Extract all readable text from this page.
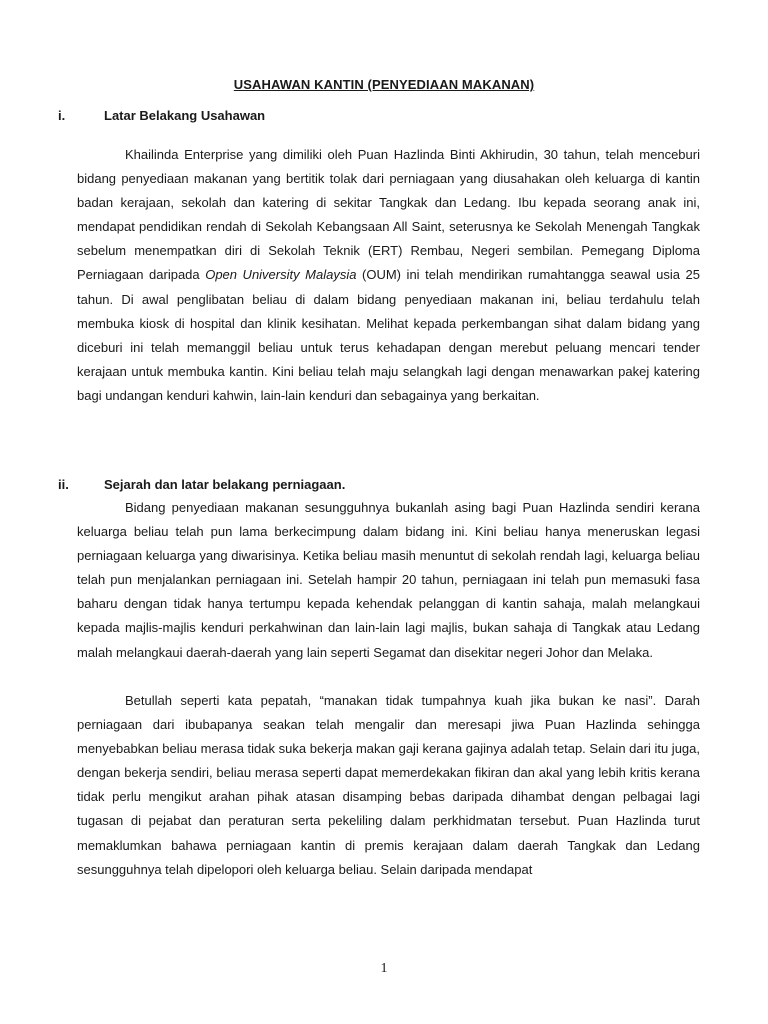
USAHAWAN KANTIN (PENYEDIAAN MAKANAN)
i.	Latar Belakang Usahawan

Khailinda Enterprise yang dimiliki oleh Puan Hazlinda Binti Akhirudin, 30 tahun, telah menceburi bidang penyediaan makanan yang bertitik tolak dari perniagaan yang diusahakan oleh keluarga di kantin badan kerajaan, sekolah dan katering di sekitar Tangkak dan Ledang. Ibu kepada seorang anak ini, mendapat pendidikan rendah di Sekolah Kebangsaan All Saint, seterusnya ke Sekolah Menengah Tangkak sebelum menempatkan diri di Sekolah Teknik (ERT) Rembau, Negeri sembilan. Pemegang Diploma Perniagaan daripada Open University Malaysia (OUM) ini telah mendirikan rumahtangga seawal usia 25 tahun. Di awal penglibatan beliau di dalam bidang penyediaan makanan ini, beliau terdahulu telah membuka kiosk di hospital dan klinik kesihatan. Melihat kepada perkembangan sihat dalam bidang yang diceburi ini telah memanggil beliau untuk terus kehadapan dengan merebut peluang mencari tender kerajaan untuk membuka kantin. Kini beliau telah maju selangkah lagi dengan menawarkan pakej katering bagi undangan kenduri kahwin, lain-lain kenduri dan sebagainya yang berkaitan.

ii.	Sejarah dan latar belakang perniagaan.

Bidang penyediaan makanan sesungguhnya bukanlah asing bagi Puan Hazlinda sendiri kerana keluarga beliau telah pun lama berkecimpung dalam bidang ini. Kini beliau hanya meneruskan legasi perniagaan keluarga yang diwarisinya. Ketika beliau masih menuntut di sekolah rendah lagi, keluarga beliau telah pun menjalankan perniagaan ini. Setelah hampir 20 tahun, perniagaan ini telah pun memasuki fasa baharu dengan tidak hanya tertumpu kepada kehendak pelanggan di kantin sahaja, malah melangkaui kepada majlis-majlis kenduri perkahwinan dan lain-lain lagi majlis, bukan sahaja di Tangkak atau Ledang malah melangkaui daerah-daerah yang lain seperti Segamat dan disekitar negeri Johor dan Melaka.

Betullah seperti kata pepatah, “manakan tidak tumpahnya kuah jika bukan ke nasi”. Darah perniagaan dari ibubapanya seakan telah mengalir dan meresapi jiwa Puan Hazlinda sehingga menyebabkan beliau merasa tidak suka bekerja makan gaji kerana gajinya adalah tetap. Selain dari itu juga, dengan bekerja sendiri, beliau merasa seperti dapat memerdekakan fikiran dan akal yang lebih kritis kerana tidak perlu mengikut arahan pihak atasan disamping bebas daripada dihambat dengan pelbagai lagi tugasan di pejabat dan peraturan serta pekeliling dalam perkhidmatan tersebut. Puan Hazlinda turut memaklumkan bahawa perniagaan kantin di premis kerajaan dalam daerah Tangkak dan Ledang sesungguhnya telah dipelopori oleh keluarga beliau. Selain daripada mendapat

1
